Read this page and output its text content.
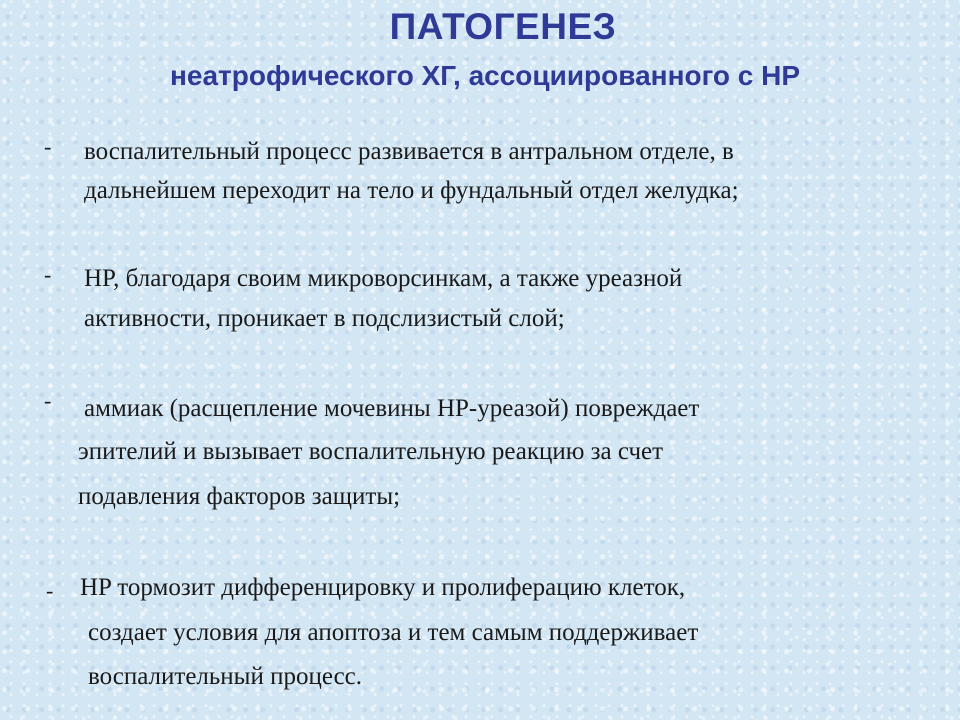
ПАТОГЕНЕЗ
неатрофического ХГ, ассоциированного с HP
- воспалительный процесс развивается в антральном отделе, в

дальнейшем переходит на тело и фундальный отдел желудка;

- HP, благодаря своим микроворсинкам, а также уреазной

активности, проникает в подслизистый слой;

- аммиак (расщепление мочевины HP-уреазой) повреждает

эпителий и вызывает воспалительную реакцию за счет

подавления факторов защиты;

- HP тормозит дифференцировку и пролиферацию клеток,

создает условия для апоптоза и тем самым поддерживает

воспалительный процесс.
